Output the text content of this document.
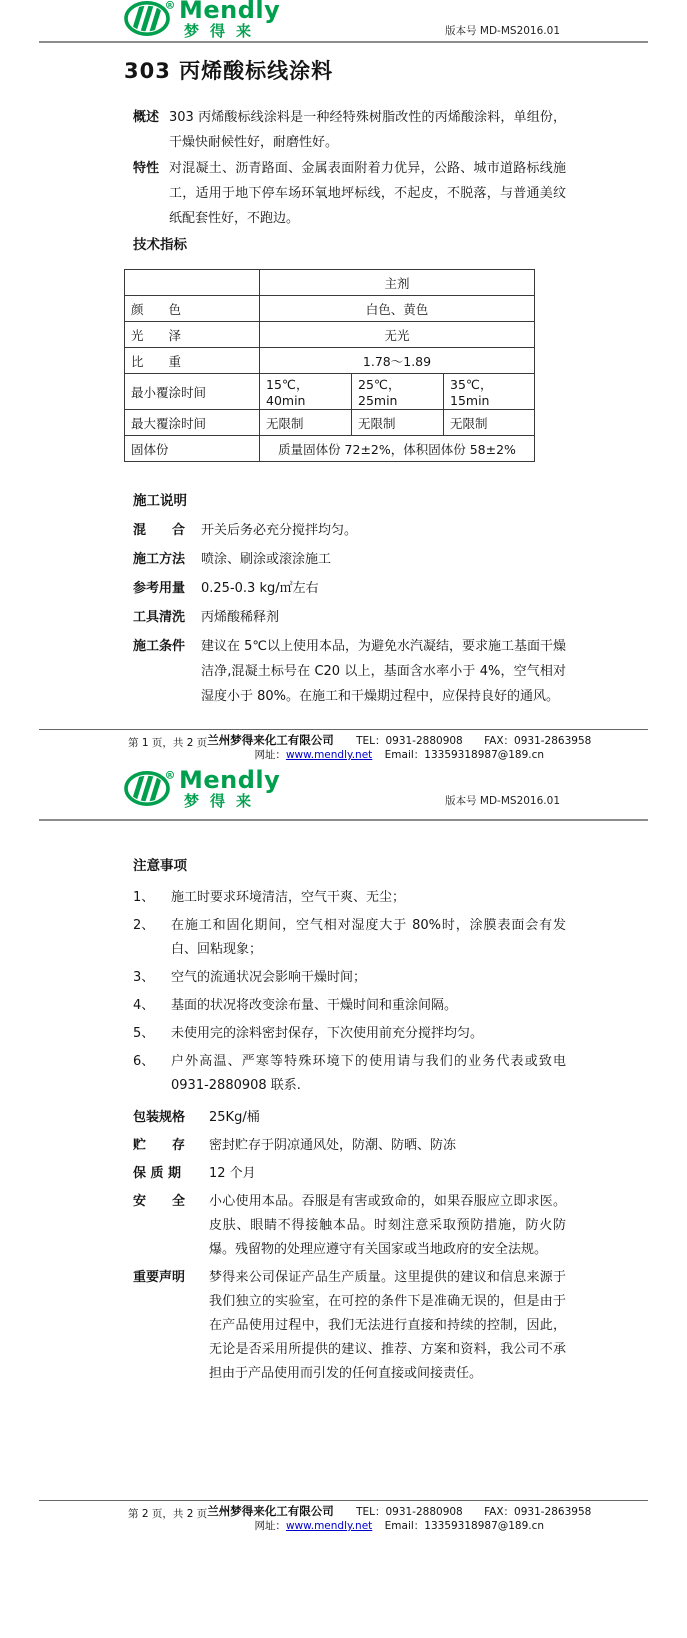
R Mendly
梦得来	版本号 MD-MS2016.01
303 丙烯酸标线涂料
概述 303 丙烯酸标线涂料是一种经特殊树脂改性的丙烯酸涂料，单组份，干燥快耐候性好，耐磨性好。
特性 对混凝土、沥青路面、金属表面附着力优异，公路、城市道路标线施工，适用于地下停车场环氧地坪标线，不起皮，不脱落，与普通美纹纸配套性好，不跑边。
技术指标
	主剂		
颜　　色	白色、黄色		
光　　泽	无光		
比　　重	1.78～1.89		
最小覆涂时间	15℃，40min	25℃，25min	35℃，15min
最大覆涂时间	无限制	无限制	无限制
固体份	质量固体份 72±2%，体积固体份 58±2%		
施工说明
混　　合	开关后务必充分搅拌均匀。
施工方法	喷涂、刷涂或滚涂施工
参考用量	0.25-0.3 kg/㎡左右
工具清洗	丙烯酸稀释剂
施工条件	建议在 5℃以上使用本品，为避免水汽凝结，要求施工基面干燥洁净,混凝土标号在 C20 以上，基面含水率小于 4%，空气相对湿度小于 80%。在施工和干燥期过程中，应保持良好的通风。
第 1 页，共 2 页 兰州梦得来化工有限公司 TEL：0931-2880908 FAX：0931-2863958
网址：www.mendly.net Email：13359318987@189.cn
R Mendly
梦得来	版本号 MD-MS2016.01
注意事项
1、	施工时要求环境清洁，空气干爽、无尘；
2、	在施工和固化期间，空气相对湿度大于 80%时，涂膜表面会有发白、回粘现象；
3、	空气的流通状况会影响干燥时间；
4、	基面的状况将改变涂布量、干燥时间和重涂间隔。
5、	未使用完的涂料密封保存，下次使用前充分搅拌均匀。
6、	户外高温、严寒等特殊环境下的使用请与我们的业务代表或致电 0931-2880908 联系.
包装规格	25Kg/桶
贮　　存	密封贮存于阴凉通风处，防潮、防晒、防冻
保 质 期	12 个月
安　　全	小心使用本品。吞服是有害或致命的，如果吞服应立即求医。皮肤、眼睛不得接触本品。时刻注意采取预防措施，防火防爆。残留物的处理应遵守有关国家或当地政府的安全法规。
重要声明	梦得来公司保证产品生产质量。这里提供的建议和信息来源于我们独立的实验室，在可控的条件下是准确无误的，但是由于在产品使用过程中，我们无法进行直接和持续的控制，因此，无论是否采用所提供的建议、推荐、方案和资料，我公司不承担由于产品使用而引发的任何直接或间接责任。
第 2 页，共 2 页 兰州梦得来化工有限公司 TEL：0931-2880908 FAX：0931-2863958
网址：www.mendly.net Email：13359318987@189.cn
